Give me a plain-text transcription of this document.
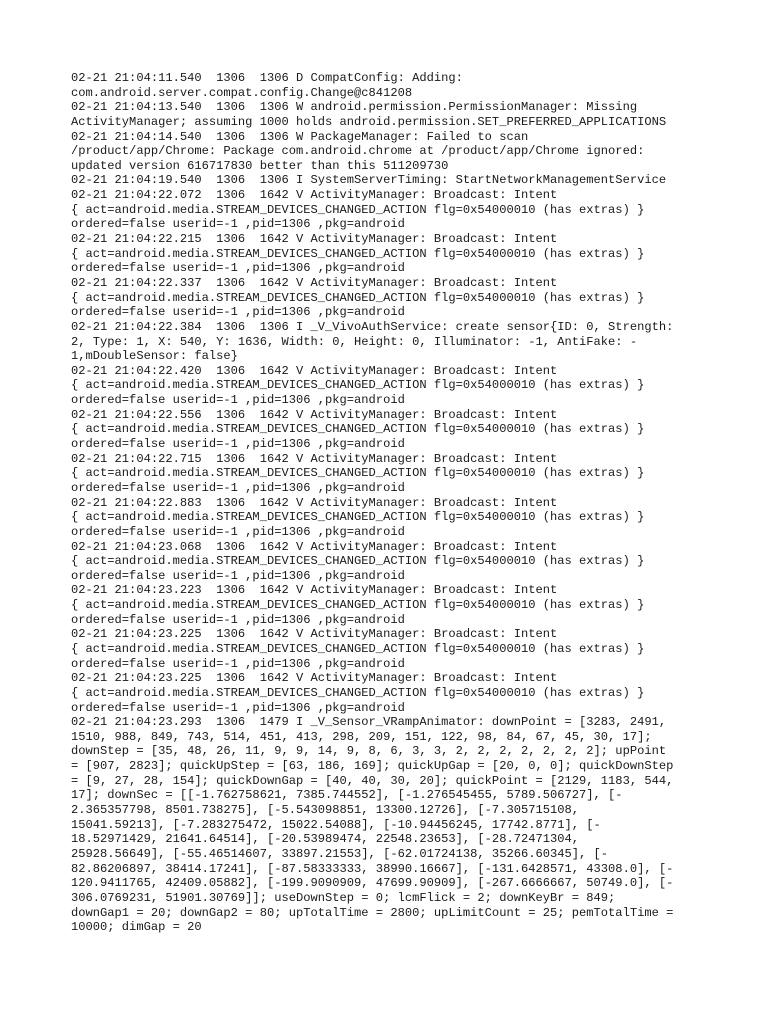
02-21 21:04:11.540  1306  1306 D CompatConfig: Adding:
com.android.server.compat.config.Change@c841208
02-21 21:04:13.540  1306  1306 W android.permission.PermissionManager: Missing
ActivityManager; assuming 1000 holds android.permission.SET_PREFERRED_APPLICATIONS
02-21 21:04:14.540  1306  1306 W PackageManager: Failed to scan
/product/app/Chrome: Package com.android.chrome at /product/app/Chrome ignored:
updated version 616717830 better than this 511209730
02-21 21:04:19.540  1306  1306 I SystemServerTiming: StartNetworkManagementService
02-21 21:04:22.072  1306  1642 V ActivityManager: Broadcast: Intent
{ act=android.media.STREAM_DEVICES_CHANGED_ACTION flg=0x54000010 (has extras) }
ordered=false userid=-1 ,pid=1306 ,pkg=android
02-21 21:04:22.215  1306  1642 V ActivityManager: Broadcast: Intent
{ act=android.media.STREAM_DEVICES_CHANGED_ACTION flg=0x54000010 (has extras) }
ordered=false userid=-1 ,pid=1306 ,pkg=android
02-21 21:04:22.337  1306  1642 V ActivityManager: Broadcast: Intent
{ act=android.media.STREAM_DEVICES_CHANGED_ACTION flg=0x54000010 (has extras) }
ordered=false userid=-1 ,pid=1306 ,pkg=android
02-21 21:04:22.384  1306  1306 I _V_VivoAuthService: create sensor{ID: 0, Strength:
2, Type: 1, X: 540, Y: 1636, Width: 0, Height: 0, Illuminator: -1, AntiFake: -
1,mDoubleSensor: false}
02-21 21:04:22.420  1306  1642 V ActivityManager: Broadcast: Intent
{ act=android.media.STREAM_DEVICES_CHANGED_ACTION flg=0x54000010 (has extras) }
ordered=false userid=-1 ,pid=1306 ,pkg=android
02-21 21:04:22.556  1306  1642 V ActivityManager: Broadcast: Intent
{ act=android.media.STREAM_DEVICES_CHANGED_ACTION flg=0x54000010 (has extras) }
ordered=false userid=-1 ,pid=1306 ,pkg=android
02-21 21:04:22.715  1306  1642 V ActivityManager: Broadcast: Intent
{ act=android.media.STREAM_DEVICES_CHANGED_ACTION flg=0x54000010 (has extras) }
ordered=false userid=-1 ,pid=1306 ,pkg=android
02-21 21:04:22.883  1306  1642 V ActivityManager: Broadcast: Intent
{ act=android.media.STREAM_DEVICES_CHANGED_ACTION flg=0x54000010 (has extras) }
ordered=false userid=-1 ,pid=1306 ,pkg=android
02-21 21:04:23.068  1306  1642 V ActivityManager: Broadcast: Intent
{ act=android.media.STREAM_DEVICES_CHANGED_ACTION flg=0x54000010 (has extras) }
ordered=false userid=-1 ,pid=1306 ,pkg=android
02-21 21:04:23.223  1306  1642 V ActivityManager: Broadcast: Intent
{ act=android.media.STREAM_DEVICES_CHANGED_ACTION flg=0x54000010 (has extras) }
ordered=false userid=-1 ,pid=1306 ,pkg=android
02-21 21:04:23.225  1306  1642 V ActivityManager: Broadcast: Intent
{ act=android.media.STREAM_DEVICES_CHANGED_ACTION flg=0x54000010 (has extras) }
ordered=false userid=-1 ,pid=1306 ,pkg=android
02-21 21:04:23.225  1306  1642 V ActivityManager: Broadcast: Intent
{ act=android.media.STREAM_DEVICES_CHANGED_ACTION flg=0x54000010 (has extras) }
ordered=false userid=-1 ,pid=1306 ,pkg=android
02-21 21:04:23.293  1306  1479 I _V_Sensor_VRampAnimator: downPoint = [3283, 2491,
1510, 988, 849, 743, 514, 451, 413, 298, 209, 151, 122, 98, 84, 67, 45, 30, 17];
downStep = [35, 48, 26, 11, 9, 9, 14, 9, 8, 6, 3, 3, 2, 2, 2, 2, 2, 2, 2]; upPoint
= [907, 2823]; quickUpStep = [63, 186, 169]; quickUpGap = [20, 0, 0]; quickDownStep
= [9, 27, 28, 154]; quickDownGap = [40, 40, 30, 20]; quickPoint = [2129, 1183, 544,
17]; downSec = [[-1.762758621, 7385.744552], [-1.276545455, 5789.506727], [-
2.365357798, 8501.738275], [-5.543098851, 13300.12726], [-7.305715108,
15041.59213], [-7.283275472, 15022.54088], [-10.94456245, 17742.8771], [-
18.52971429, 21641.64514], [-20.53989474, 22548.23653], [-28.72471304,
25928.56649], [-55.46514607, 33897.21553], [-62.01724138, 35266.60345], [-
82.86206897, 38414.17241], [-87.58333333, 38990.16667], [-131.6428571, 43308.0], [-
120.9411765, 42409.05882], [-199.9090909, 47699.90909], [-267.6666667, 50749.0], [-
306.0769231, 51901.30769]]; useDownStep = 0; lcmFlick = 2; downKeyBr = 849;
downGap1 = 20; downGap2 = 80; upTotalTime = 2800; upLimitCount = 25; pemTotalTime =
10000; dimGap = 20
